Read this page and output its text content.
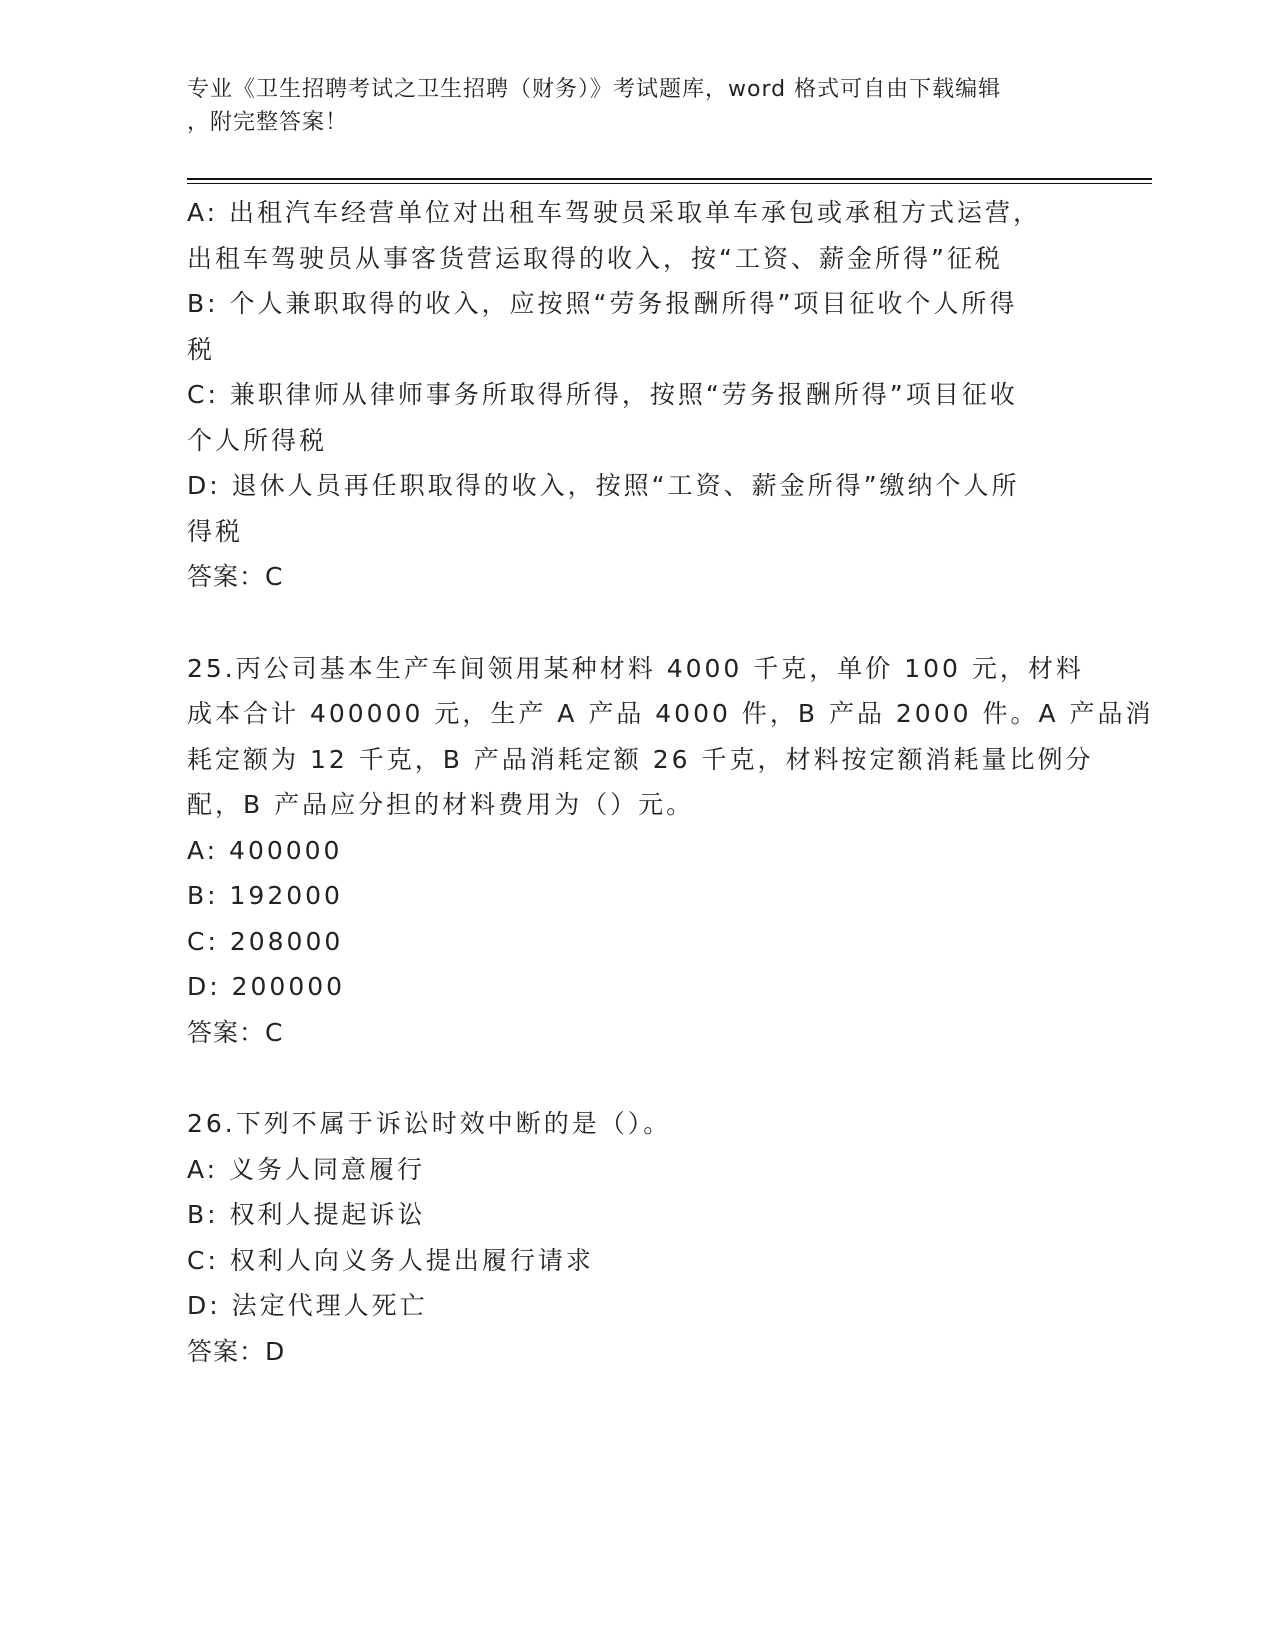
专业《卫生招聘考试之卫生招聘（财务）》考试题库，word 格式可自由下载编辑
，附完整答案！
A: 出租汽车经营单位对出租车驾驶员采取单车承包或承租方式运营，
出租车驾驶员从事客货营运取得的收入，按“工资、薪金所得”征税
B: 个人兼职取得的收入，应按照“劳务报酬所得”项目征收个人所得
税
C: 兼职律师从律师事务所取得所得，按照“劳务报酬所得”项目征收
个人所得税
D: 退休人员再任职取得的收入，按照“工资、薪金所得”缴纳个人所
得税
答案：C
25.丙公司基本生产车间领用某种材料 4000 千克，单价 100 元，材料
成本合计 400000 元，生产 A 产品 4000 件，B 产品 2000 件。A 产品消
耗定额为 12 千克，B 产品消耗定额 26 千克，材料按定额消耗量比例分
配，B 产品应分担的材料费用为（）元。
A: 400000
B: 192000
C: 208000
D: 200000
答案：C
26.下列不属于诉讼时效中断的是（）。
A: 义务人同意履行
B: 权利人提起诉讼
C: 权利人向义务人提出履行请求
D: 法定代理人死亡
答案：D
